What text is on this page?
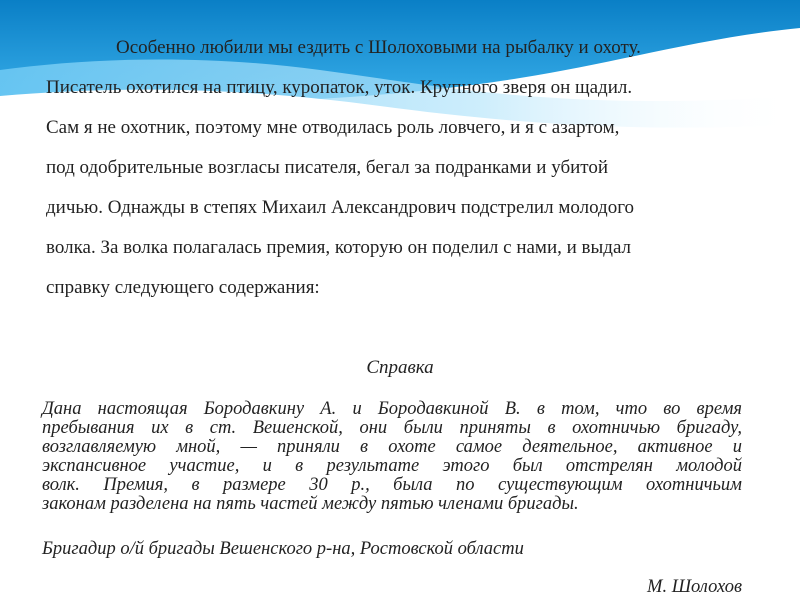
Особенно любили мы ездить с Шолоховыми на рыбалку и охоту.
Писатель охотился на птицу, куропаток, уток. Крупного зверя он щадил.
Сам я не охотник, поэтому мне отводилась роль ловчего, и я с азартом,
под одобрительные возгласы писателя, бегал за подранками и убитой
дичью. Однажды в степях Михаил Александрович подстрелил молодого
волка. За волка полагалась премия, которую он поделил с нами, и выдал
справку следующего содержания:
Справка
Дана настоящая Бородавкину А. и Бородавкиной В. в том, что во время
пребывания их в ст. Вешенской, они были приняты в охотничью бригаду,
возглавляемую мной, — приняли в охоте самое деятельное, активное и
экспансивное участие, и в результате этого был отстрелян молодой
волк. Премия, в размере 30 р., была по существующим охотничьим
законам разделена на пять частей между пятью членами бригады.
Бригадир о/й бригады Вешенского р-на, Ростовской области
М. Шолохов
